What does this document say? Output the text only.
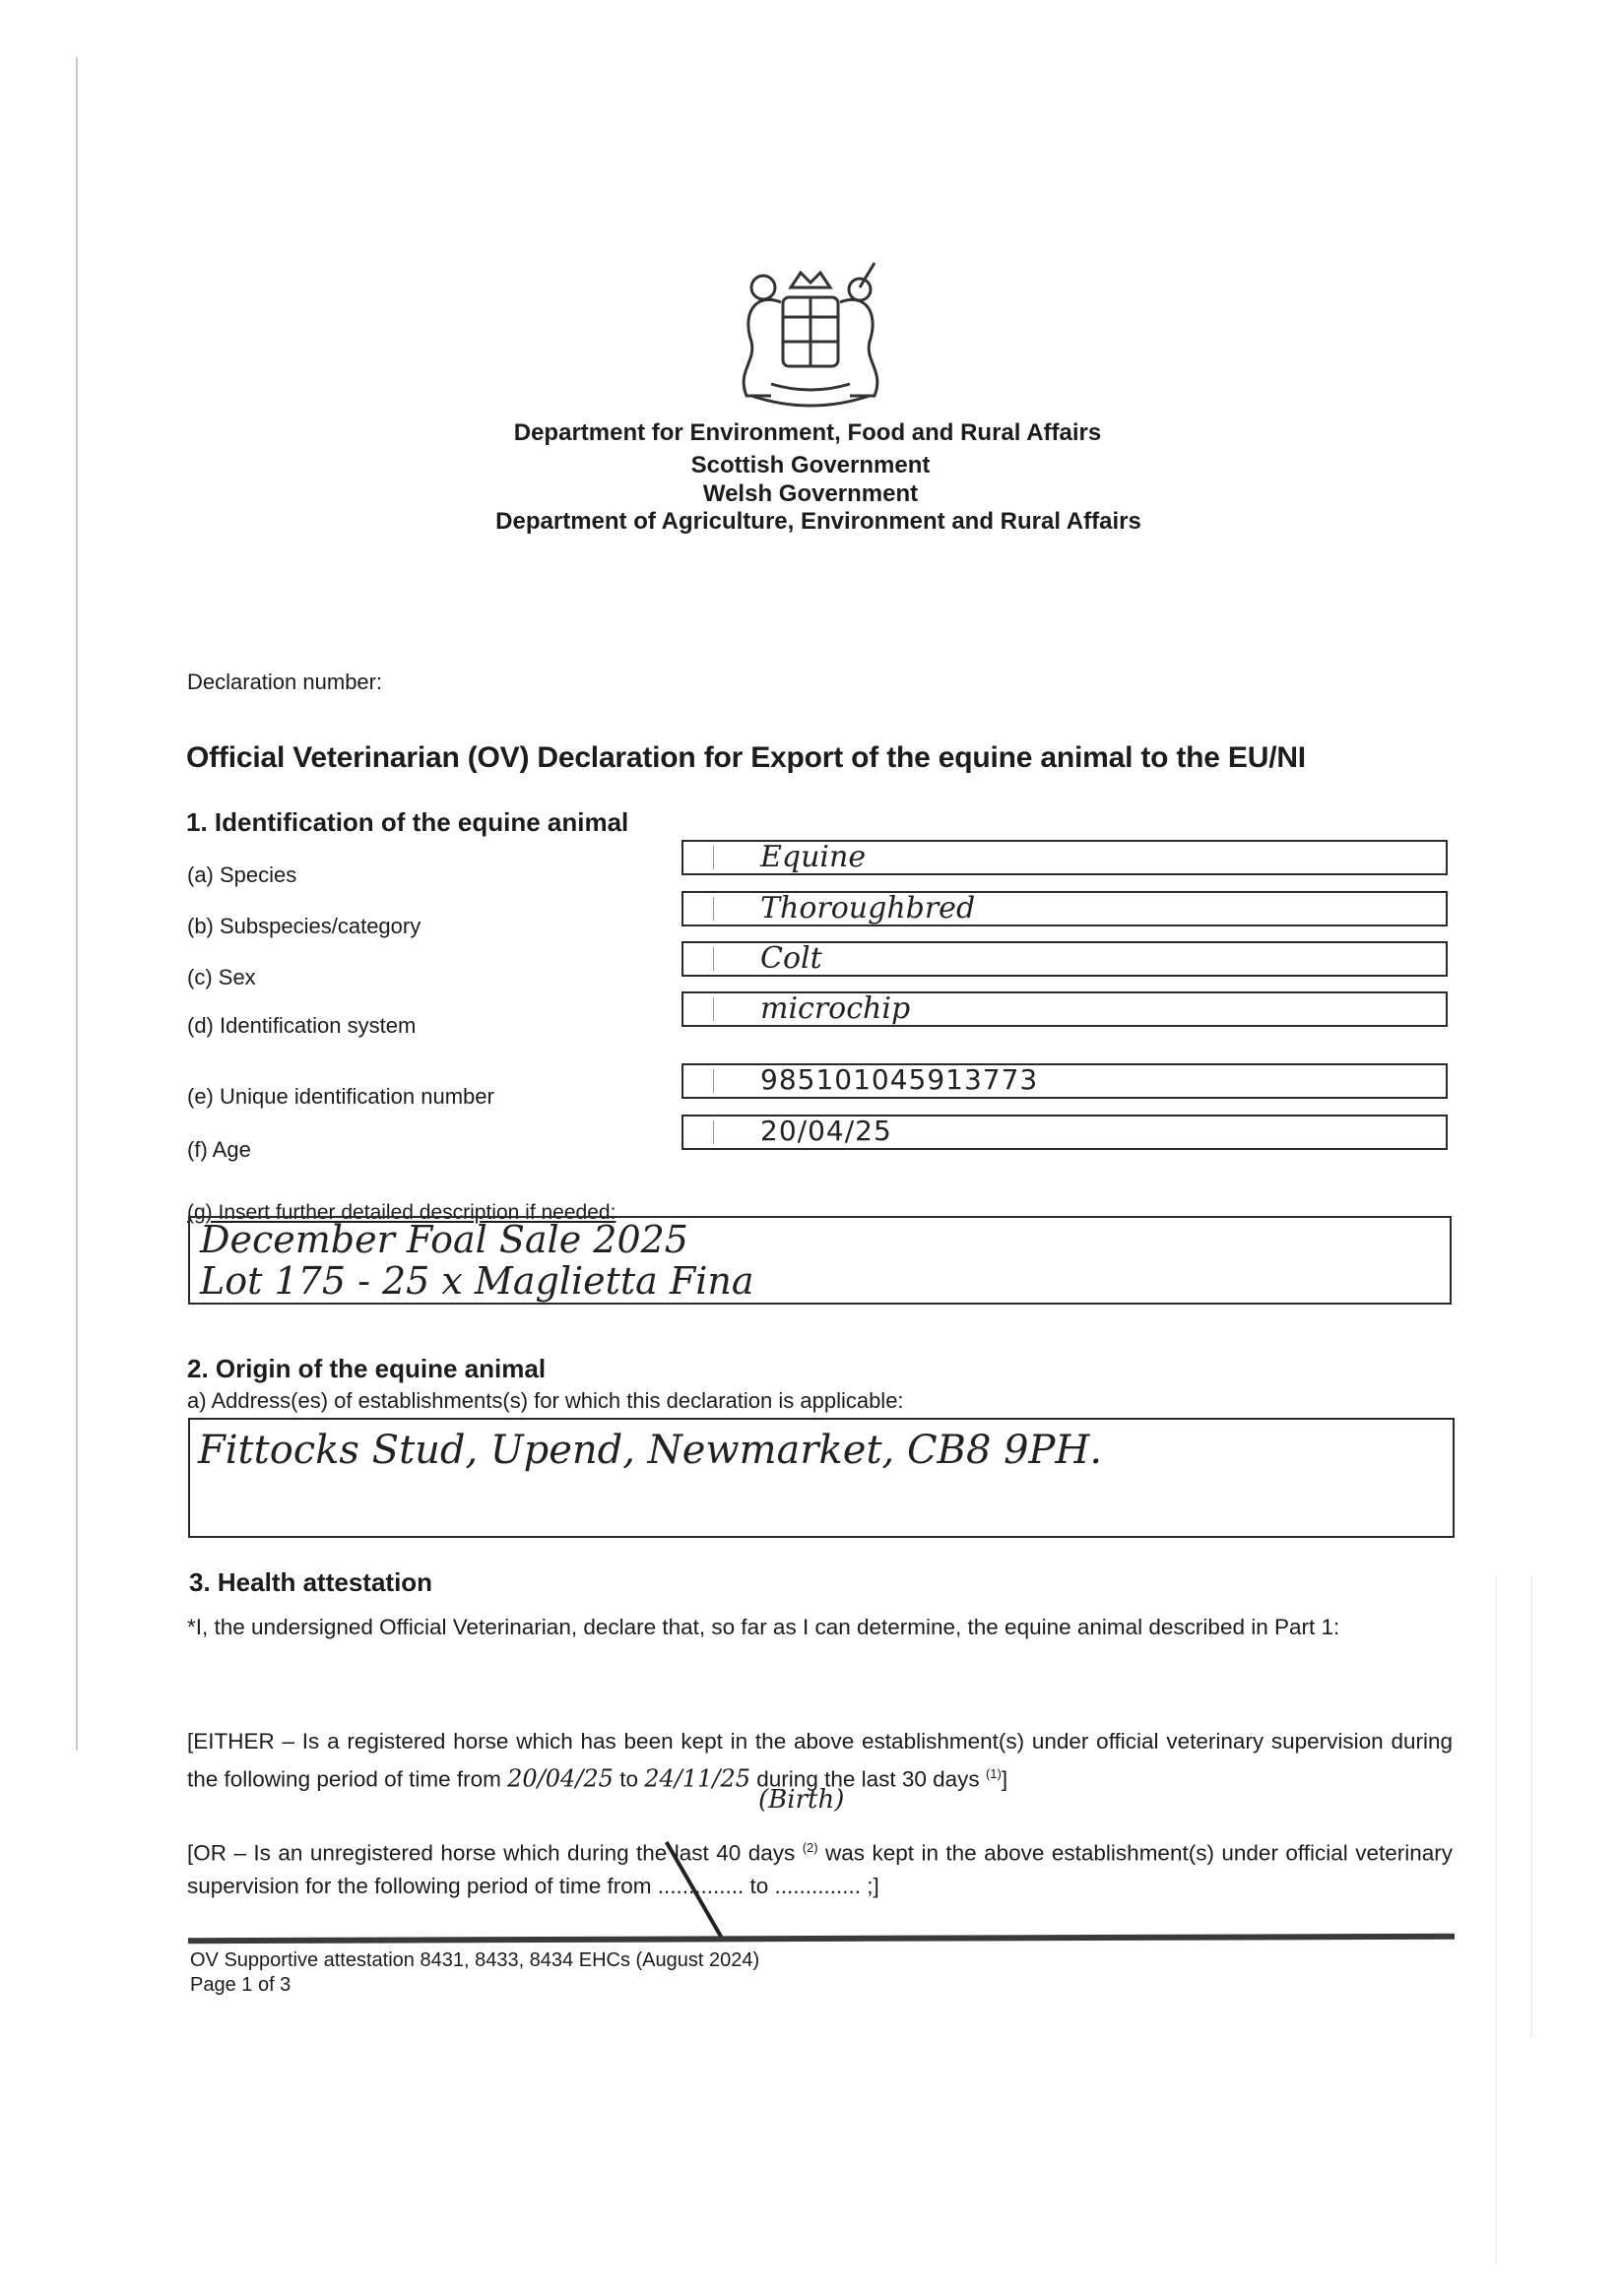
Department for Environment, Food and Rural Affairs
Scottish Government
Welsh Government
Department of Agriculture, Environment and Rural Affairs
Declaration number:
Official Veterinarian (OV) Declaration for Export of the equine animal to the EU/NI
1. Identification of the equine animal
(a) Species
Equine
(b) Subspecies/category
Thoroughbred
(c) Sex
Colt
(d) Identification system	microchip
(e) Unique identification number
985101045913773
(f) Age
20/04/25
(g) Insert further detailed description if needed:
December Foal Sale 2025
Lot 175 - 25 x Maglietta Fina
2. Origin of the equine animal
a) Address(es) of establishments(s) for which this declaration is applicable:
Fittocks Stud, Upend, Newmarket, CB8 9PH.
3. Health attestation
*I, the undersigned Official Veterinarian, declare that, so far as I can determine, the equine animal described in Part 1:
[EITHER – Is a registered horse which has been kept in the above establishment(s) under official veterinary supervision during the following period of time from 20/04/25 to 24/11/25 during the last 30 days $^{(1)}$]
(Birth)
[OR – Is an unregistered horse which during the last 40 days $^{(2)}$ was kept in the above establishment(s) under official veterinary supervision for the following period of time from .............. to .............. ;]
OV Supportive attestation 8431, 8433, 8434 EHCs (August 2024)
Page 1 of 3
